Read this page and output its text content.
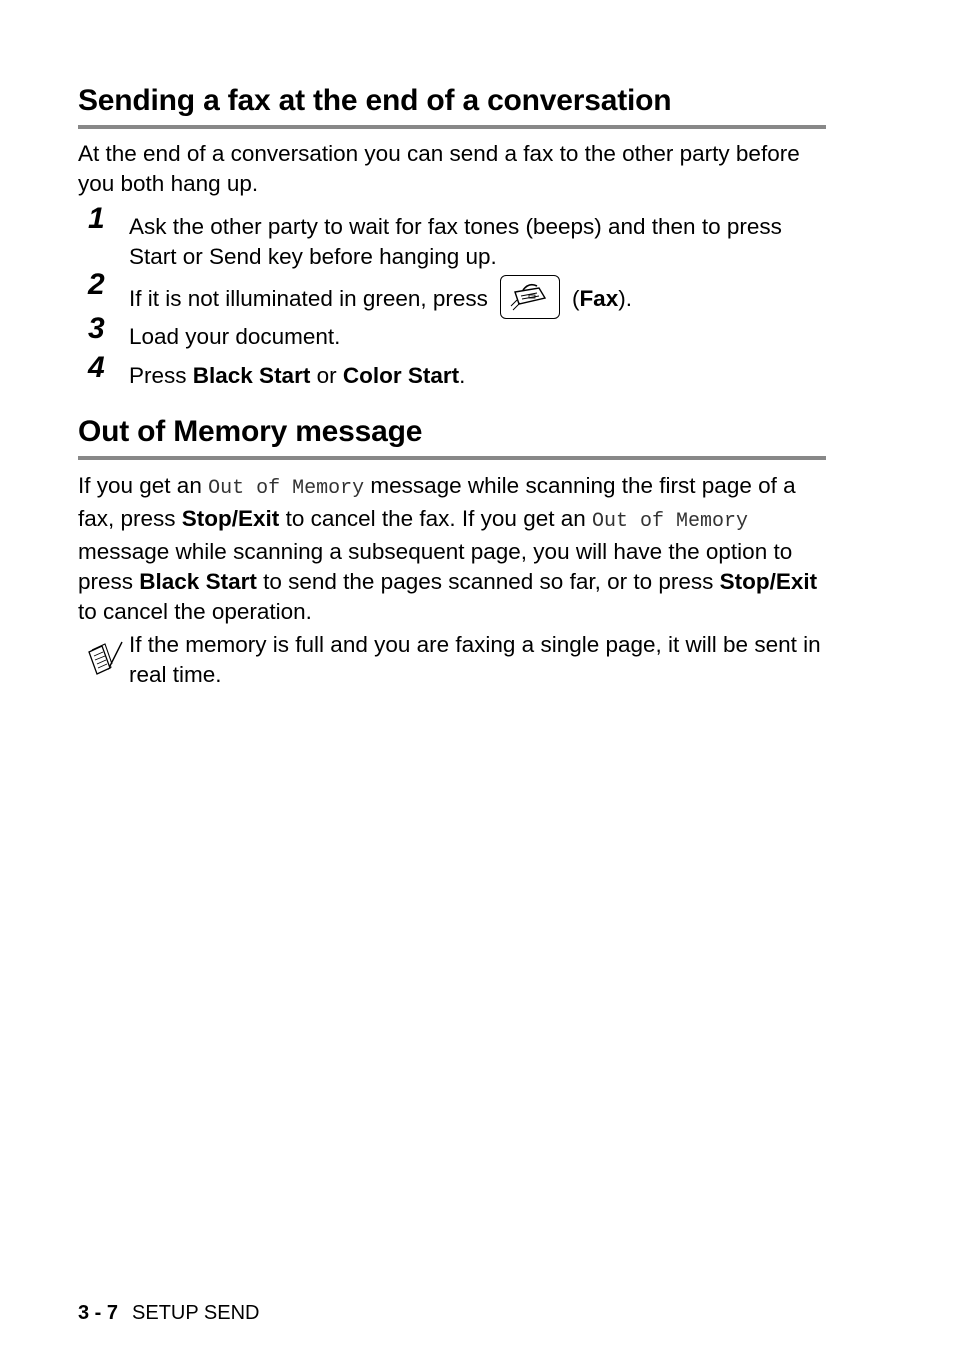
Sending a fax at the end of a conversation

At the end of a conversation you can send a fax to the other party before you both hang up.

1 Ask the other party to wait for fax tones (beeps) and then to press Start or Send key before hanging up.
2 If it is not illuminated in green, press	(Fax).
3 Load your document.
4 Press Black Start or Color Start.
Out of Memory message

If you get an Out of Memory message while scanning the first page of a fax, press Stop/Exit to cancel the fax. If you get an Out of Memory message while scanning a subsequent page, you will have the option to press Black Start to send the pages scanned so far, or to press Stop/Exit to cancel the operation.

If the memory is full and you are faxing a single page, it will be sent in real time.

3 - 7 SETUP SEND
